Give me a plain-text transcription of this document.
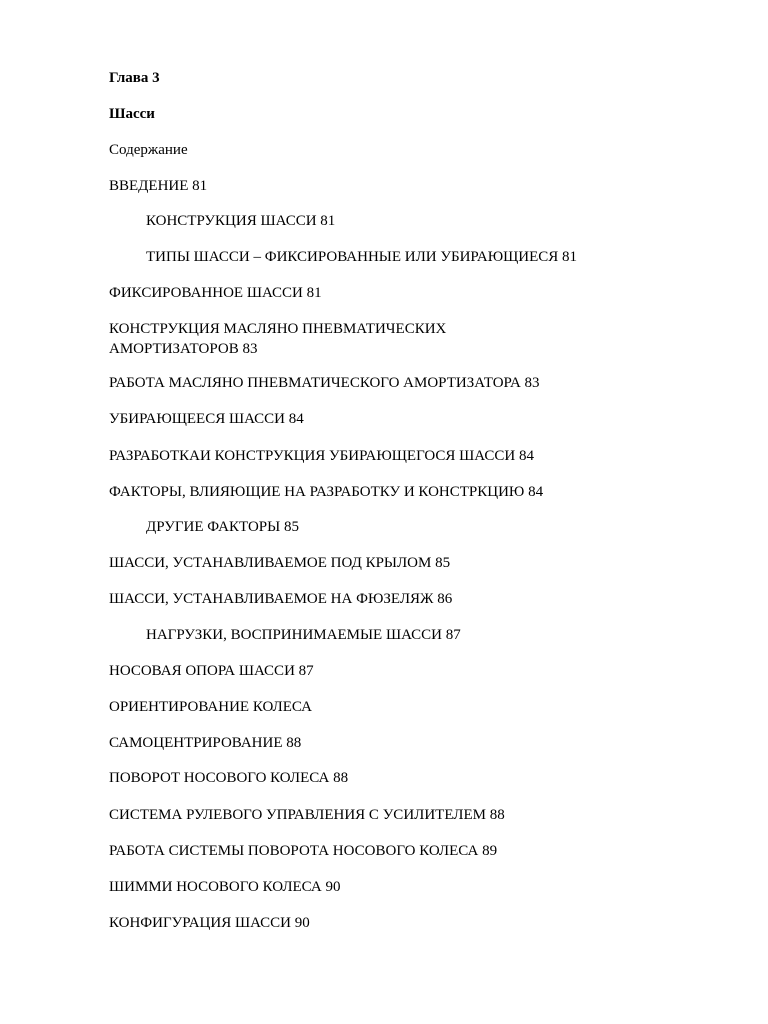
Глава 3

Шасси

Содержание

ВВЕДЕНИЕ 81

КОНСТРУКЦИЯ ШАССИ 81

ТИПЫ ШАССИ – ФИКСИРОВАННЫЕ ИЛИ УБИРАЮЩИЕСЯ 81

ФИКСИРОВАННОЕ ШАССИ 81

КОНСТРУКЦИЯ МАСЛЯНО ПНЕВМАТИЧЕСКИХ АМОРТИЗАТОРОВ 83

РАБОТА МАСЛЯНО ПНЕВМАТИЧЕСКОГО АМОРТИЗАТОРА 83

УБИРАЮЩЕЕСЯ ШАССИ 84

РАЗРАБОТКАИ КОНСТРУКЦИЯ УБИРАЮЩЕГОСЯ ШАССИ 84

ФАКТОРЫ, ВЛИЯЮЩИЕ НА РАЗРАБОТКУ И КОНСТРКЦИЮ 84

ДРУГИЕ ФАКТОРЫ 85

ШАССИ, УСТАНАВЛИВАЕМОЕ ПОД КРЫЛОМ 85

ШАССИ, УСТАНАВЛИВАЕМОЕ НА ФЮЗЕЛЯЖ 86

НАГРУЗКИ, ВОСПРИНИМАЕМЫЕ ШАССИ 87

НОСОВАЯ ОПОРА ШАССИ 87

ОРИЕНТИРОВАНИЕ КОЛЕСА

САМОЦЕНТРИРОВАНИЕ 88

ПОВОРОТ НОСОВОГО КОЛЕСА 88

СИСТЕМА РУЛЕВОГО УПРАВЛЕНИЯ С УСИЛИТЕЛЕМ 88

РАБОТА СИСТЕМЫ ПОВОРОТА НОСОВОГО КОЛЕСА 89

ШИММИ НОСОВОГО КОЛЕСА 90

КОНФИГУРАЦИЯ ШАССИ 90
